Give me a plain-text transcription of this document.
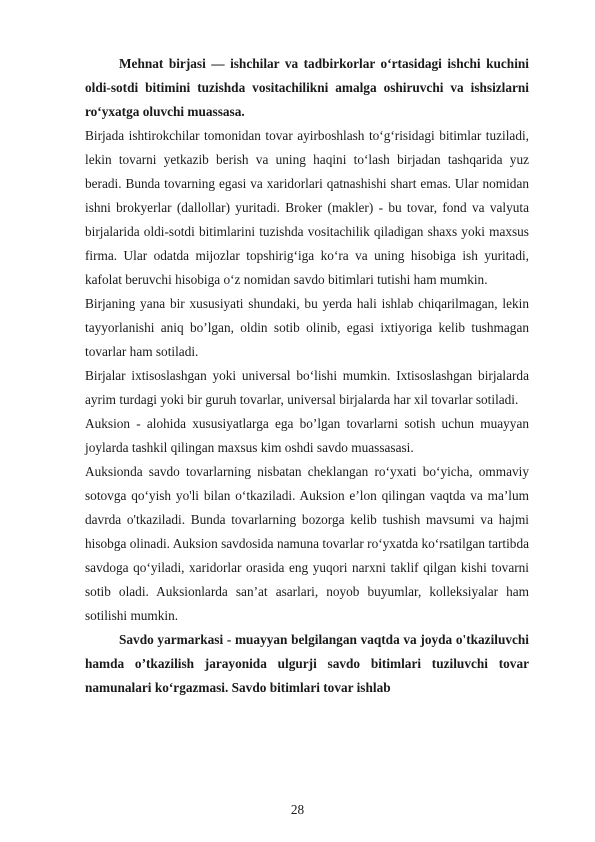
Mehnat birjasi — ishchilar va tadbirkorlar o‘rtasidagi ishchi kuchini oldi-sotdi bitimini tuzishda vositachilikni amalga oshiruvchi va ishsizlarni ro‘yxatga oluvchi muassasa.

Birjada ishtirokchilar tomonidan tovar ayirboshlash to‘g‘risidagi bitimlar tuziladi, lekin tovarni yetkazib berish va uning haqini to‘lash birjadan tashqarida yuz beradi. Bunda tovarning egasi va xaridorlari qatnashishi shart emas. Ular nomidan ishni brokyerlar (dallollar) yuritadi. Broker (makler) - bu tovar, fond va valyuta birjalarida oldi-sotdi bitimlarini tuzishda vositachilik qiladigan shaxs yoki maxsus firma. Ular odatda mijozlar topshirig‘iga ko‘ra va uning hisobiga ish yuritadi, kafolat beruvchi hisobiga o‘z nomidan savdo bitimlari tutishi ham mumkin.

Birjaning yana bir xususiyati shundaki, bu yerda hali ishlab chiqarilmagan, lekin tayyorlanishi aniq bo’lgan, oldin sotib olinib, egasi ixtiyoriga kelib tushmagan tovarlar ham sotiladi.

Birjalar ixtisoslashgan yoki universal bo‘lishi mumkin. Ixtisoslashgan birjalarda ayrim turdagi yoki bir guruh tovarlar, universal birjalarda har xil tovarlar sotiladi.

Auksion - alohida xususiyatlarga ega bo’lgan tovarlarni sotish uchun muayyan joylarda tashkil qilingan maxsus kim oshdi savdo muassasasi.

Auksionda savdo tovarlarning nisbatan cheklangan ro‘yxati bo‘yicha, ommaviy sotovga qo‘yish yo'li bilan o‘tkaziladi. Auksion e’lon qilingan vaqtda va ma’lum davrda o'tkaziladi. Bunda tovarlarning bozorga kelib tushish mavsumi va hajmi hisobga olinadi. Auksion savdosida namuna tovarlar ro‘yxatda ko‘rsatilgan tartibda savdoga qo‘yiladi, xaridorlar orasida eng yuqori narxni taklif qilgan kishi tovarni sotib oladi. Auksionlarda san’at asarlari, noyob buyumlar, kolleksiyalar ham sotilishi mumkin.

Savdo yarmarkasi - muayyan belgilangan vaqtda va joyda o'tkaziluvchi hamda o’tkazilish jarayonida ulgurji savdo bitimlari tuziluvchi tovar namunalari ko‘rgazmasi. Savdo bitimlari tovar ishlab

28
